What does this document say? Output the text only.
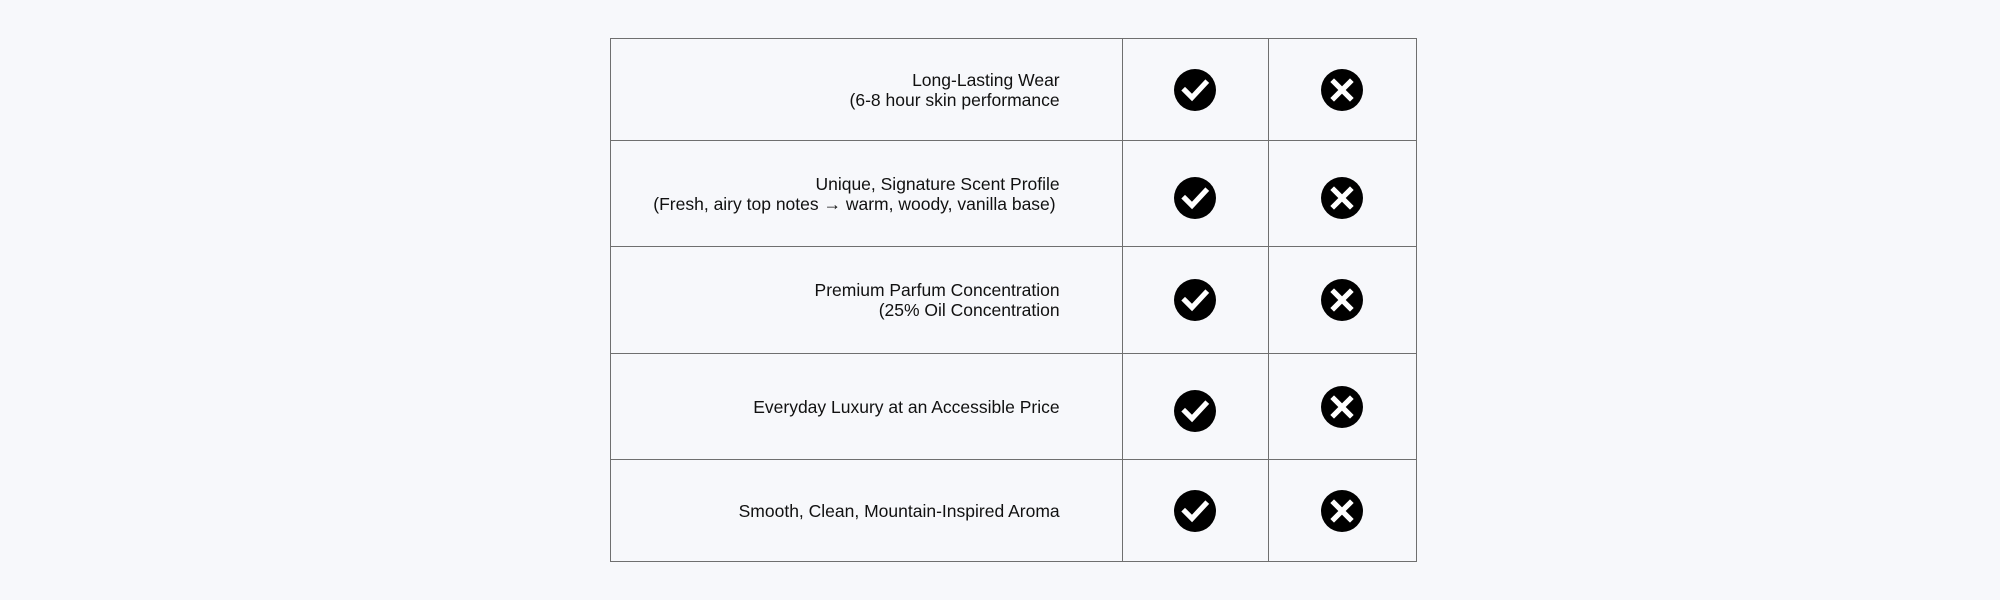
Long-Lasting Wear
(6-8 hour skin performance

Unique, Signature Scent Profile
(Fresh, airy top notes → warm, woody, vanilla base)

Premium Parfum Concentration
(25% Oil Concentration

Everyday Luxury at an Accessible Price

Smooth, Clean, Mountain-Inspired Aroma
